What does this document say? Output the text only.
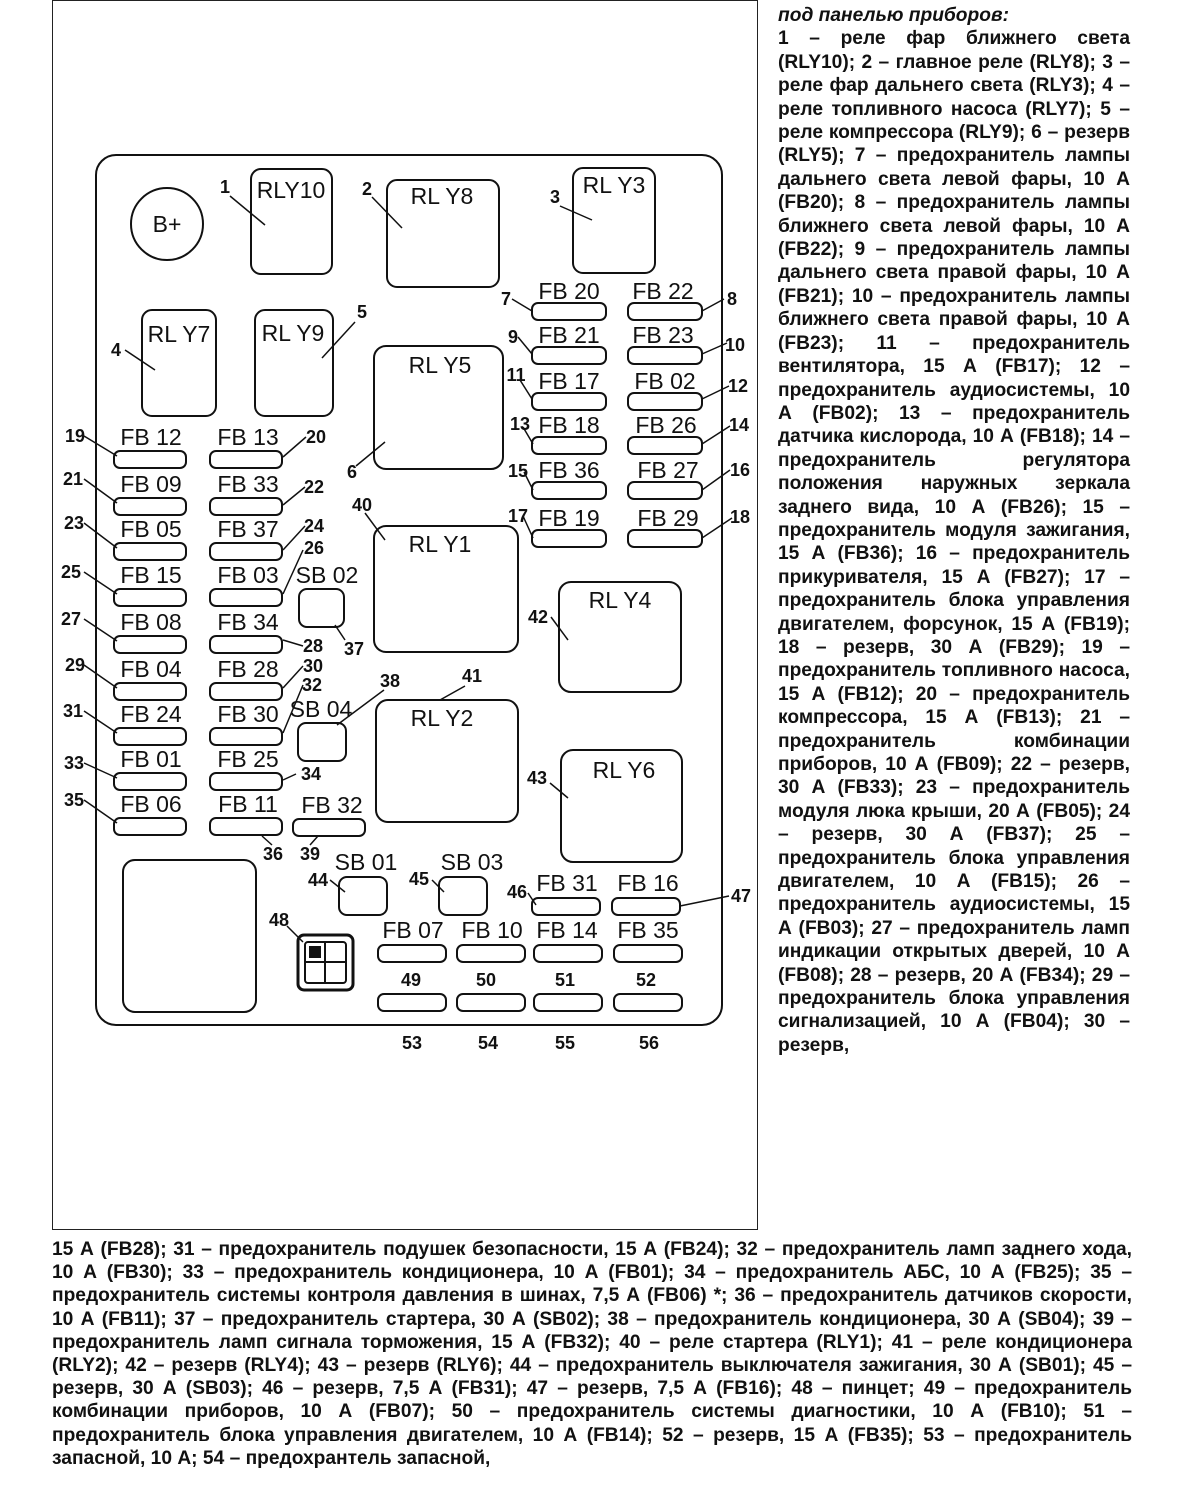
B+
RLY10	RL Y8	RL Y3
RL Y7 RL Y9
RL Y5
RL Y1
RL Y4
RL Y2
RL Y6
FB 20 FB 22
FB 21 FB 23
FB 17 FB 02
FB 18 FB 26
FB 36 FB 27
FB 19 FB 29
FB 12 FB 13
FB 09 FB 33
FB 05 FB 37
FB 15 FB 03
FB 08 FB 34
FB 04 FB 28
FB 24 FB 30
FB 01 FB 25
FB 06 FB 11 FB 32
FB 31 FB 16
FB 07 FB 10 FB 14 FB 35
SB 02
SB 04
SB 01 SB 03
1	2	3
4
5
6
7	8
9	10
11
12
13	14
15	16
17	18
19	20
21	22
23	24
25
26
27
28
29	30
31
32
33
34
35
36
37
38
39
40
41
42
43
44	45
46	47
48
49	50	51	52
53	54	55	56

под панелью приборов:
1 – реле фар ближнего света (RLY10); 2 – главное реле (RLY8); 3 – реле фар дальнего света (RLY3); 4 – реле топливного насоса (RLY7); 5 – реле компрессора (RLY9); 6 – резерв (RLY5); 7 – предохранитель лампы дальнего света левой фары, 10 А (FB20); 8 – предохранитель лампы ближнего света левой фары, 10 А (FB22); 9 – предохранитель лампы дальнего света правой фары, 10 А (FB21); 10 – предохранитель лампы ближнего света правой фары, 10 А (FB23); 11 – предохранитель вентилятора, 15 А (FB17); 12 – предохранитель аудиосистемы, 10 А (FB02); 13 – предохранитель датчика кислорода, 10 А (FB18); 14 – предохранитель регулятора положения наружных зеркала заднего вида, 10 А (FB26); 15 – предохранитель модуля зажигания, 15 А (FB36); 16 – предохранитель прикуривателя, 15 А (FB27); 17 – предохранитель блока управления двигателем, форсунок, 15 А (FB19); 18 – резерв, 30 А (FB29); 19 – предохранитель топливного насоса, 15 А (FB12); 20 – предохранитель компрессора, 15 А (FB13); 21 – предохранитель комбинации приборов, 10 А (FB09); 22 – резерв, 30 А (FB33); 23 – предохранитель модуля люка крыши, 20 А (FB05); 24 – резерв, 30 А (FB37); 25 – предохранитель блока управления двигателем, 10 А (FB15); 26 – предохранитель аудиосистемы, 15 А (FB03); 27 – предохранитель ламп индикации открытых дверей, 10 А (FB08); 28 – резерв, 20 А (FB34); 29 – предохранитель блока управления сигнализацией, 10 А (FB04); 30 – резерв,

15 А (FB28); 31 – предохранитель подушек безопасности, 15 А (FB24); 32 – предохранитель ламп заднего хода, 10 А (FB30); 33 – предохранитель кондиционера, 10 А (FB01); 34 – предохранитель АБС, 10 А (FB25); 35 – предохранитель системы контроля давления в шинах, 7,5 А (FB06) *; 36 – предохранитель датчиков скорости, 10 А (FB11); 37 – предохранитель стартера, 30 А (SB02); 38 – предохранитель кондиционера, 30 А (SB04); 39 – предохранитель ламп сигнала торможения, 15 А (FB32); 40 – реле стартера (RLY1); 41 – реле кондиционера (RLY2); 42 – резерв (RLY4); 43 – резерв (RLY6); 44 – предохранитель выключателя зажигания, 30 А (SB01); 45 – резерв, 30 А (SB03); 46 – резерв, 7,5 А (FB31); 47 – резерв, 7,5 А (FB16); 48 – пинцет; 49 – предохранитель комбинации приборов, 10 А (FB07); 50 – предохранитель системы диагностики, 10 А (FB10); 51 – предохранитель блока управления двигателем, 10 А (FB14); 52 – резерв, 15 А (FB35); 53 – предохранитель запасной, 10 А; 54 – предохрантель запасной,
